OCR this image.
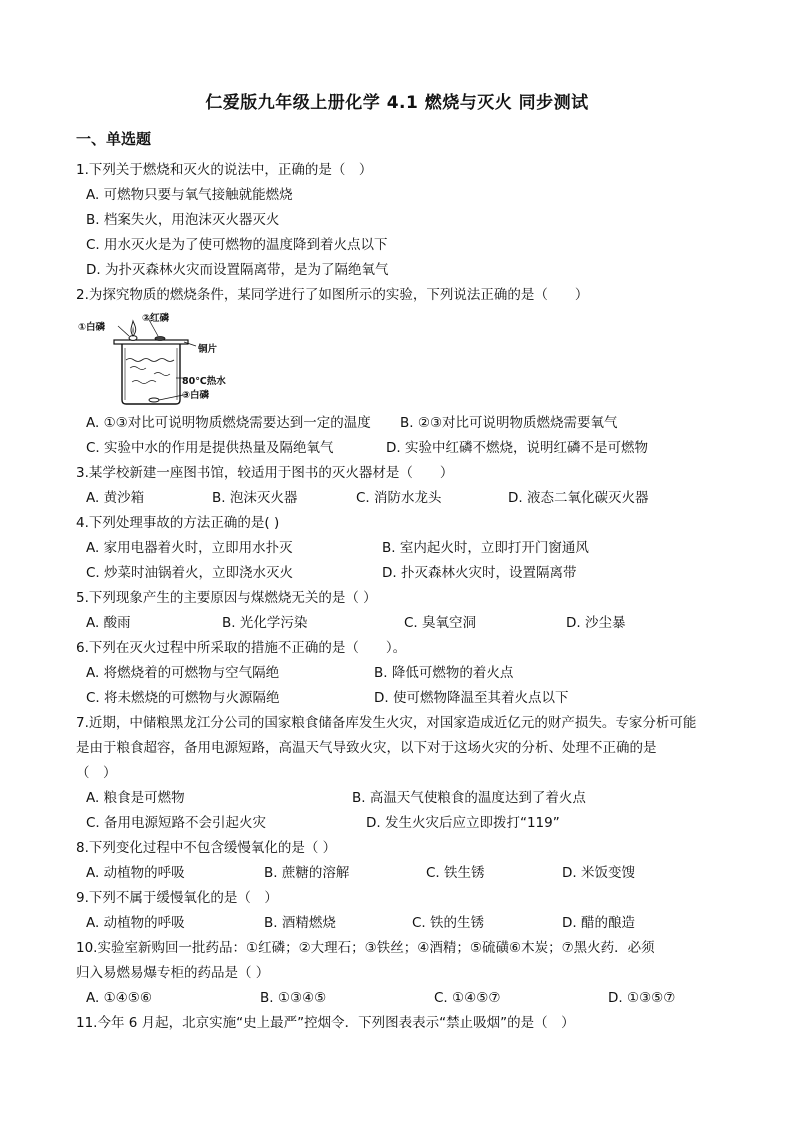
仁爱版九年级上册化学 4.1 燃烧与灭火 同步测试
一、单选题
1.下列关于燃烧和灭火的说法中，正确的是（　）
A. 可燃物只要与氧气接触就能燃烧
B. 档案失火，用泡沫灭火器灭火
C. 用水灭火是为了使可燃物的温度降到着火点以下
D. 为扑灭森林火灾而设置隔离带，是为了隔绝氧气
2.为探究物质的燃烧条件，某同学进行了如图所示的实验，下列说法正确的是（　　）
①白磷
②红磷
铜片
80℃热水
③白磷
A. ①③对比可说明物质燃烧需要达到一定的温度 B. ②③对比可说明物质燃烧需要氧气
C. 实验中水的作用是提供热量及隔绝氧气	D. 实验中红磷不燃烧，说明红磷不是可燃物
3.某学校新建一座图书馆，较适用于图书的灭火器材是（　　）
A. 黄沙箱	B. 泡沫灭火器	C. 消防水龙头	D. 液态二氧化碳灭火器
4.下列处理事故的方法正确的是( )
A. 家用电器着火时，立即用水扑灭	B. 室内起火时，立即打开门窗通风
C. 炒菜时油锅着火，立即浇水灭火	D. 扑灭森林火灾时，设置隔离带
5.下列现象产生的主要原因与煤燃烧无关的是（ ）
A. 酸雨	B. 光化学污染	C. 臭氧空洞	D. 沙尘暴
6.下列在灭火过程中所采取的措施不正确的是（　　）。
A. 将燃烧着的可燃物与空气隔绝	B. 降低可燃物的着火点
C. 将未燃烧的可燃物与火源隔绝	D. 使可燃物降温至其着火点以下
7.近期，中储粮黑龙江分公司的国家粮食储备库发生火灾，对国家造成近亿元的财产损失。专家分析可能
是由于粮食超容，备用电源短路，高温天气导致火灾，以下对于这场火灾的分析、处理不正确的是
（　）
A. 粮食是可燃物	B. 高温天气使粮食的温度达到了着火点
C. 备用电源短路不会引起火灾	D. 发生火灾后应立即拨打“119”
8.下列变化过程中不包含缓慢氧化的是（ ）
A. 动植物的呼吸	B. 蔗糖的溶解	C. 铁生锈	D. 米饭变馊
9.下列不属于缓慢氧化的是（　）
A. 动植物的呼吸	B. 酒精燃烧	C. 铁的生锈	D. 醋的酿造
10.实验室新购回一批药品：①红磷；②大理石；③铁丝；④酒精；⑤硫磺⑥木炭；⑦黑火药．必须
归入易燃易爆专柜的药品是（ ）
A. ①④⑤⑥	B. ①③④⑤	C. ①④⑤⑦	D. ①③⑤⑦
11.今年 6 月起，北京实施“史上最严”控烟令．下列图表表示“禁止吸烟”的是（　）
